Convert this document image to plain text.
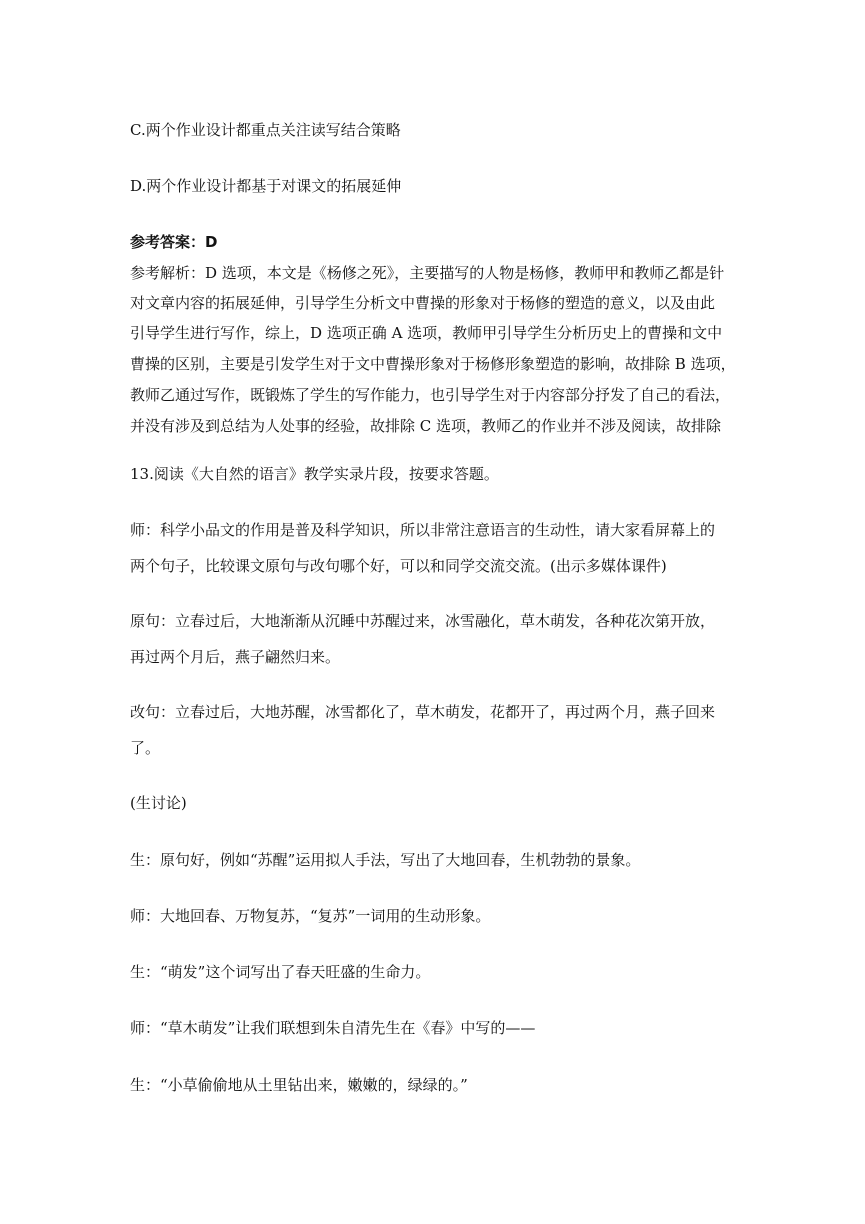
C.两个作业设计都重点关注读写结合策略
D.两个作业设计都基于对课文的拓展延伸
参考答案：D
参考解析：D 选项，本文是《杨修之死》，主要描写的人物是杨修，教师甲和教师乙都是针
对文章内容的拓展延伸，引导学生分析文中曹操的形象对于杨修的塑造的意义，以及由此
引导学生进行写作，综上，D 选项正确 A 选项，教师甲引导学生分析历史上的曹操和文中
曹操的区别，主要是引发学生对于文中曹操形象对于杨修形象塑造的影响，故排除 B 选项，
教师乙通过写作，既锻炼了学生的写作能力，也引导学生对于内容部分抒发了自己的看法，
并没有涉及到总结为人处事的经验，故排除 C 选项，教师乙的作业并不涉及阅读，故排除
13.阅读《大自然的语言》教学实录片段，按要求答题。
师：科学小品文的作用是普及科学知识，所以非常注意语言的生动性，请大家看屏幕上的
两个句子，比较课文原句与改句哪个好，可以和同学交流交流。(出示多媒体课件)
原句：立春过后，大地渐渐从沉睡中苏醒过来，冰雪融化，草木萌发，各种花次第开放，
再过两个月后，燕子翩然归来。
改句：立春过后，大地苏醒，冰雪都化了，草木萌发，花都开了，再过两个月，燕子回来
了。
(生讨论)
生：原句好，例如“苏醒”运用拟人手法，写出了大地回春，生机勃勃的景象。
师：大地回春、万物复苏，“复苏”一词用的生动形象。
生：“萌发”这个词写出了春天旺盛的生命力。
师：“草木萌发”让我们联想到朱自清先生在《春》中写的——
生：“小草偷偷地从土里钻出来，嫩嫩的，绿绿的。”
